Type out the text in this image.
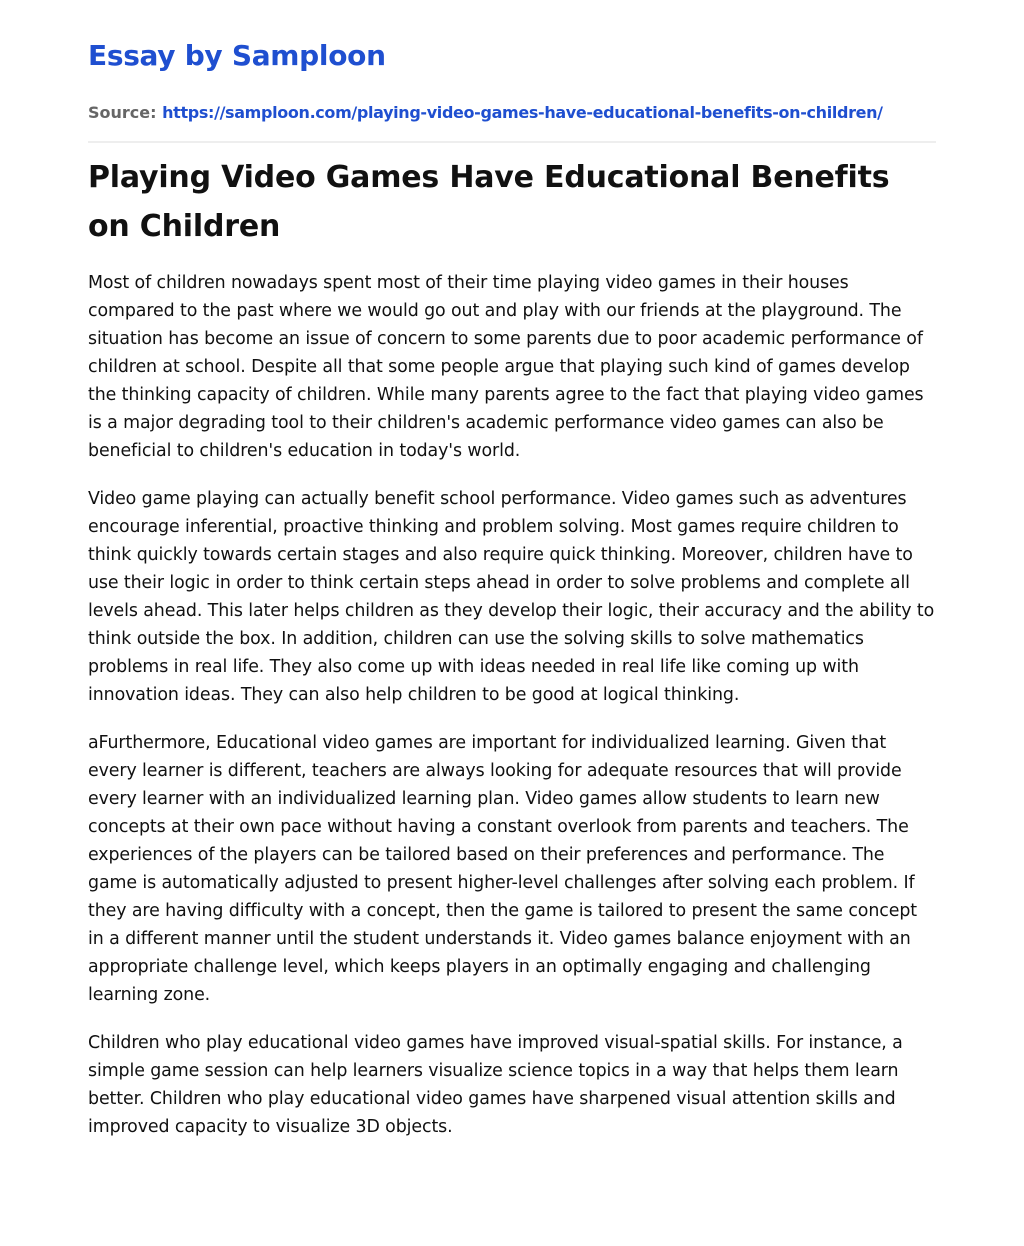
Essay by Samploon
Source: https://samploon.com/playing-video-games-have-educational-benefits-on-children/
Playing Video Games Have Educational Benefits on Children

Most of children nowadays spent most of their time playing video games in their houses compared to the past where we would go out and play with our friends at the playground. The situation has become an issue of concern to some parents due to poor academic performance of children at school. Despite all that some people argue that playing such kind of games develop the thinking capacity of children. While many parents agree to the fact that playing video games is a major degrading tool to their children's academic performance video games can also be beneficial to children's education in today's world.

Video game playing can actually benefit school performance. Video games such as adventures encourage inferential, proactive thinking and problem solving. Most games require children to think quickly towards certain stages and also require quick thinking. Moreover, children have to use their logic in order to think certain steps ahead in order to solve problems and complete all levels ahead. This later helps children as they develop their logic, their accuracy and the ability to think outside the box. In addition, children can use the solving skills to solve mathematics problems in real life. They also come up with ideas needed in real life like coming up with innovation ideas. They can also help children to be good at logical thinking.

aFurthermore, Educational video games are important for individualized learning. Given that every learner is different, teachers are always looking for adequate resources that will provide every learner with an individualized learning plan. Video games allow students to learn new concepts at their own pace without having a constant overlook from parents and teachers. The experiences of the players can be tailored based on their preferences and performance. The game is automatically adjusted to present higher-level challenges after solving each problem. If they are having difficulty with a concept, then the game is tailored to present the same concept in a different manner until the student understands it. Video games balance enjoyment with an appropriate challenge level, which keeps players in an optimally engaging and challenging learning zone.

Children who play educational video games have improved visual-spatial skills. For instance, a simple game session can help learners visualize science topics in a way that helps them learn better. Children who play educational video games have sharpened visual attention skills and improved capacity to visualize 3D objects.
